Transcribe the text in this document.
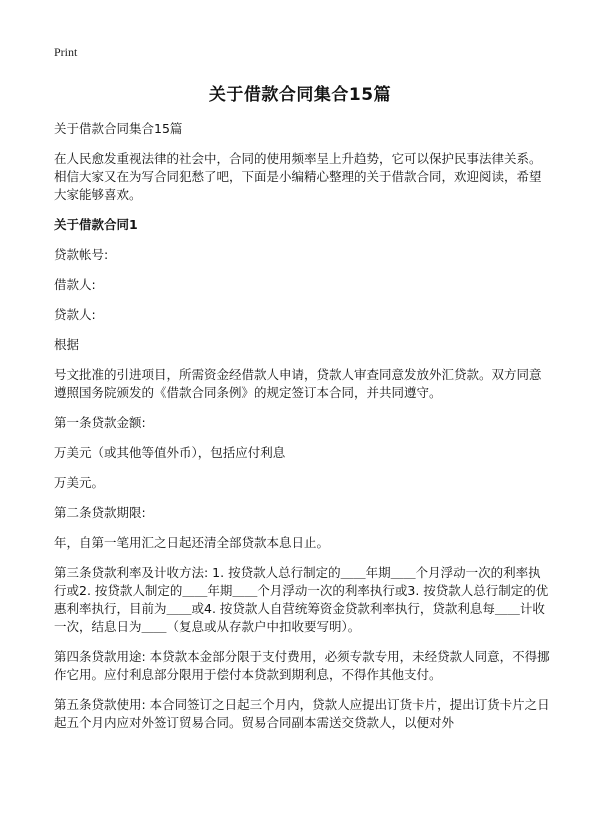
Print
关于借款合同集合15篇

关于借款合同集合15篇

在人民愈发重视法律的社会中，合同的使用频率呈上升趋势，它可以保护民事法律关系。相信大家又在为写合同犯愁了吧，下面是小编精心整理的关于借款合同，欢迎阅读，希望大家能够喜欢。

关于借款合同1

贷款帐号:

借款人:

贷款人:

根据

号文批准的引进项目，所需资金经借款人申请，贷款人审查同意发放外汇贷款。双方同意遵照国务院颁发的《借款合同条例》的规定签订本合同，并共同遵守。

第一条贷款金额:

万美元（或其他等值外币），包括应付利息

万美元。

第二条贷款期限:

年，自第一笔用汇之日起还清全部贷款本息日止。

第三条贷款利率及计收方法: 1. 按贷款人总行制定的＿＿年期＿＿个月浮动一次的利率执行或2. 按贷款人制定的＿＿年期＿＿个月浮动一次的利率执行或3. 按贷款人总行制定的优惠利率执行，目前为＿＿或4. 按贷款人自营统筹资金贷款利率执行，贷款利息每＿＿计收一次，结息日为＿＿（复息或从存款户中扣收要写明）。

第四条贷款用途: 本贷款本金部分限于支付费用，必须专款专用，未经贷款人同意，不得挪作它用。应付利息部分限用于偿付本贷款到期利息，不得作其他支付。

第五条贷款使用: 本合同签订之日起三个月内，贷款人应提出订货卡片，提出订货卡片之日起五个月内应对外签订贸易合同。贸易合同副本需送交贷款人，以便对外
